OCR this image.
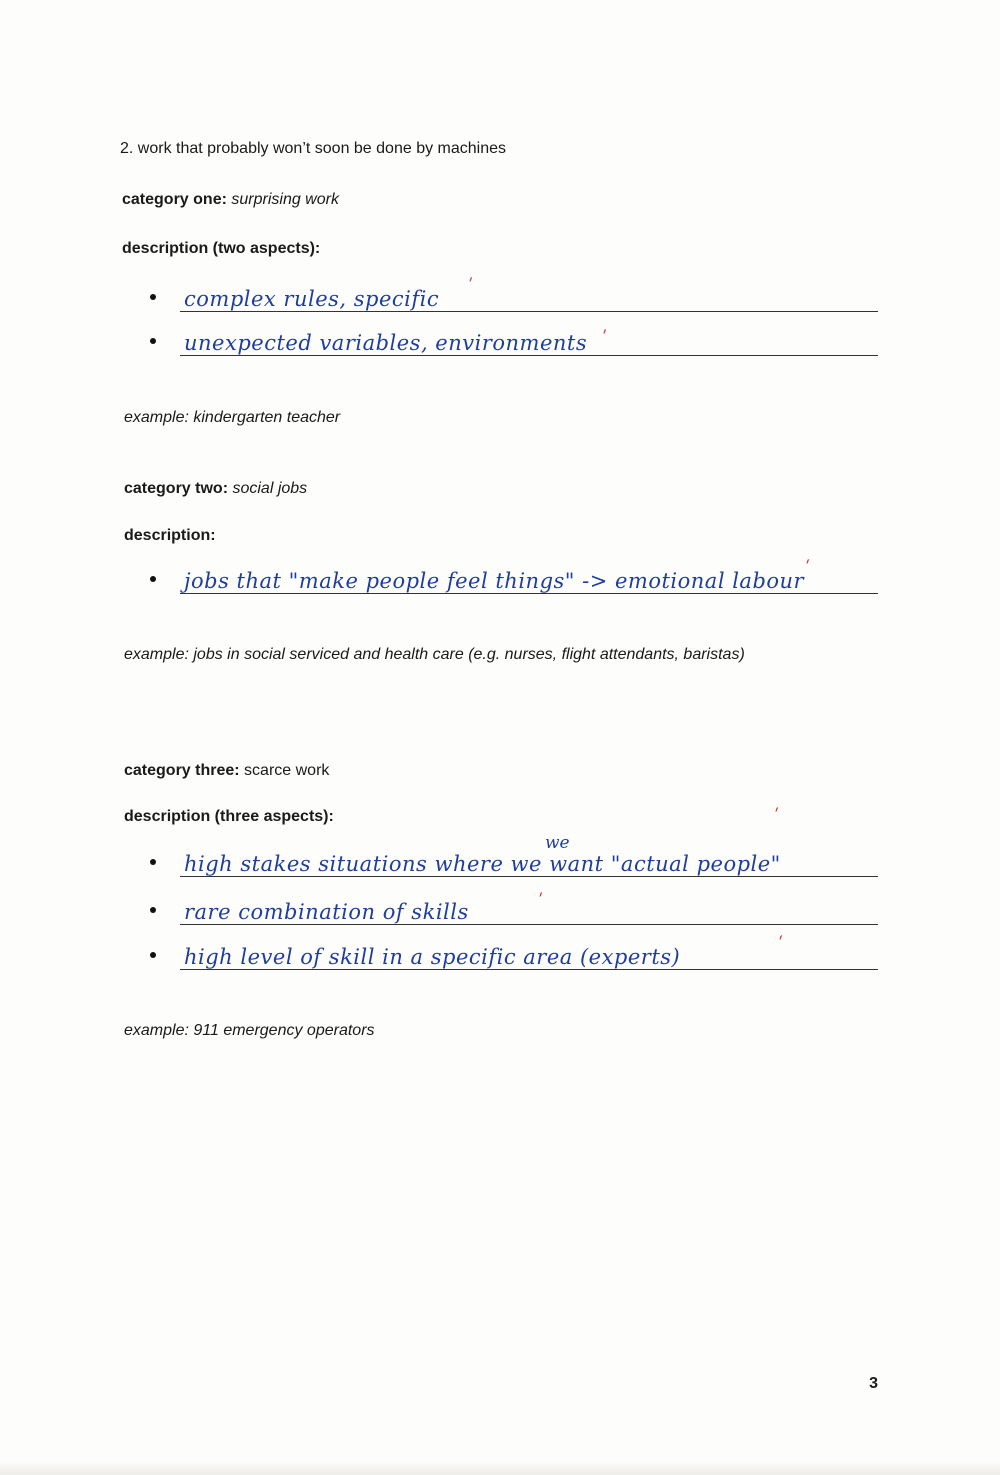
2. work that probably won’t soon be done by machines
category one: surprising work
description (two aspects):
complex rules, specific
ˊ
unexpected variables, environments ˊ
example: kindergarten teacher
category two: social jobs
description:
jobs that "make people feel things" -> emotional labour
ˊ
example: jobs in social serviced and health care (e.g. nurses, flight attendants, baristas)
category three: scarce work
description (three aspects):	ˊ
we
high stakes situations where we want "actual people"
rare combination of skills	ˊ
high level of skill in a specific area (experts)
ˊ
example: 911 emergency operators
3
